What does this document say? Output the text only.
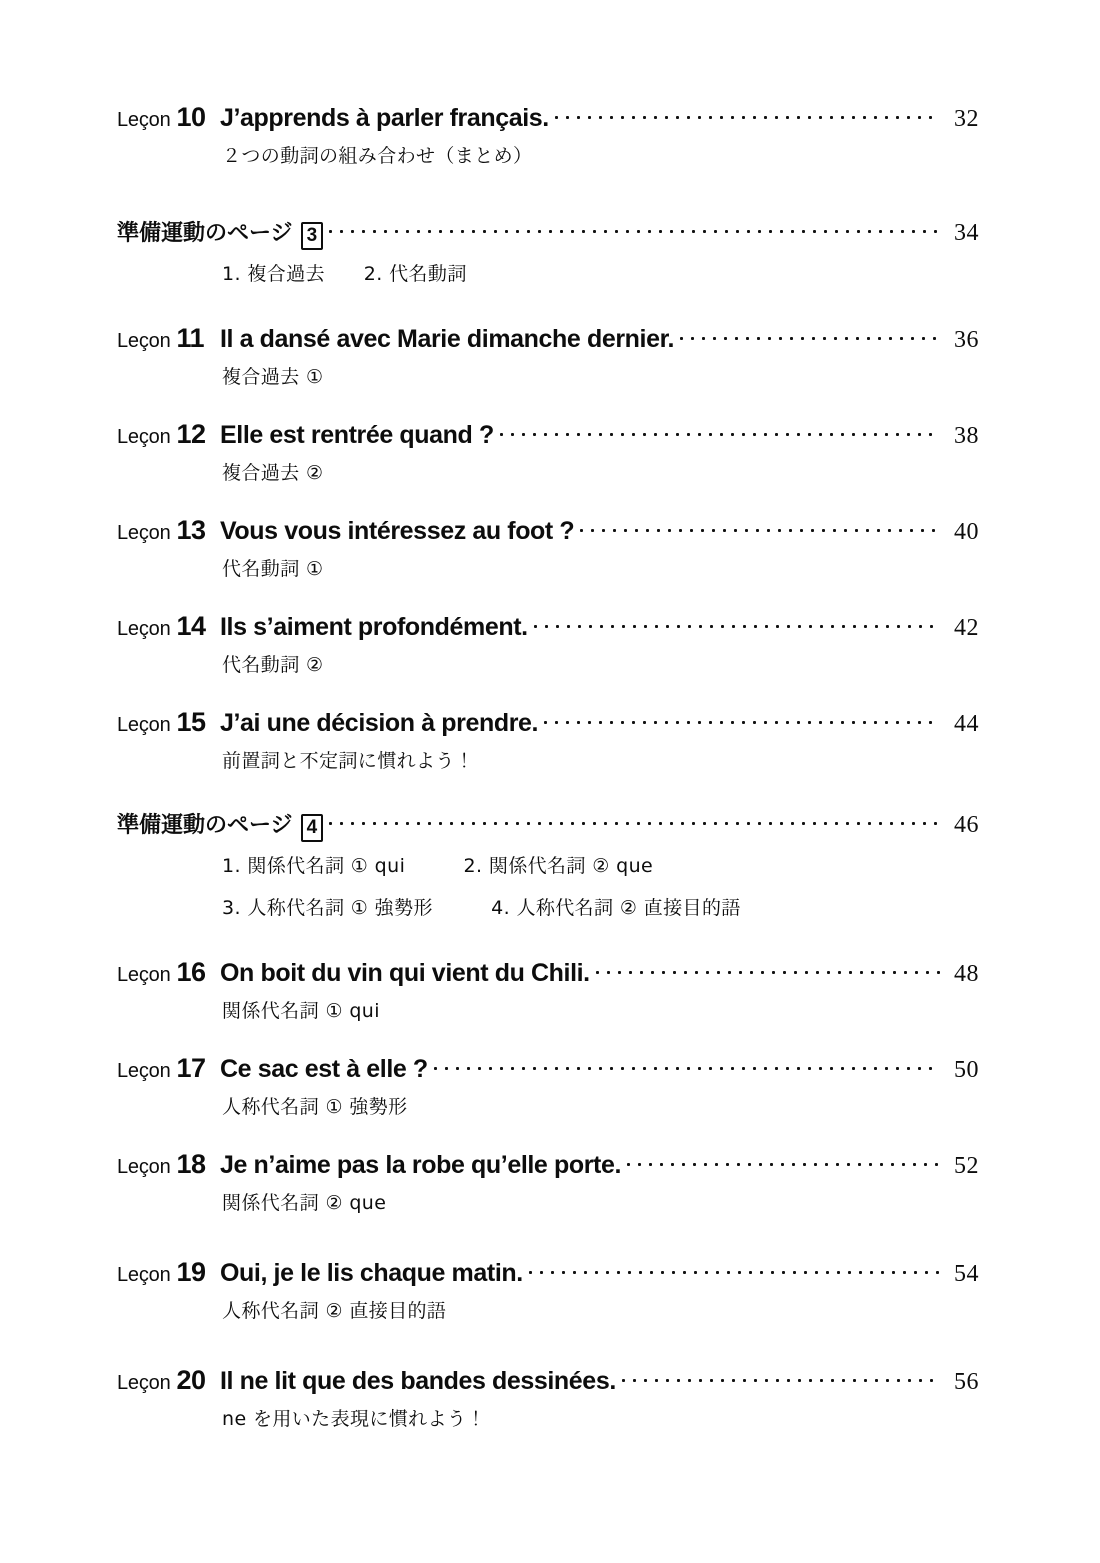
Leçon 10 J’apprends à parler français.	32
２つの動詞の組み合わせ（まとめ）
準備運動のページ 3	34
1. 複合過去　　2. 代名動詞
Leçon 11 Il a dansé avec Marie dimanche dernier.	36
複合過去 ①
Leçon 12 Elle est rentrée quand ?	38
複合過去 ②
Leçon 13 Vous vous intéressez au foot ?	40
代名動詞 ①
Leçon 14 Ils s’aiment profondément.	42
代名動詞 ②
Leçon 15 J’ai une décision à prendre.	44
前置詞と不定詞に慣れよう！
準備運動のページ 4	46
1. 関係代名詞 ① qui　　　2. 関係代名詞 ② que
3. 人称代名詞 ① 強勢形　　　4. 人称代名詞 ② 直接目的語
Leçon 16 On boit du vin qui vient du Chili.	48
関係代名詞 ① qui
Leçon 17 Ce sac est à elle ?	50
人称代名詞 ① 強勢形
Leçon 18 Je n’aime pas la robe qu’elle porte.	52
関係代名詞 ② que
Leçon 19 Oui, je le lis chaque matin.	54
人称代名詞 ② 直接目的語
Leçon 20 Il ne lit que des bandes dessinées.	56
ne を用いた表現に慣れよう！
